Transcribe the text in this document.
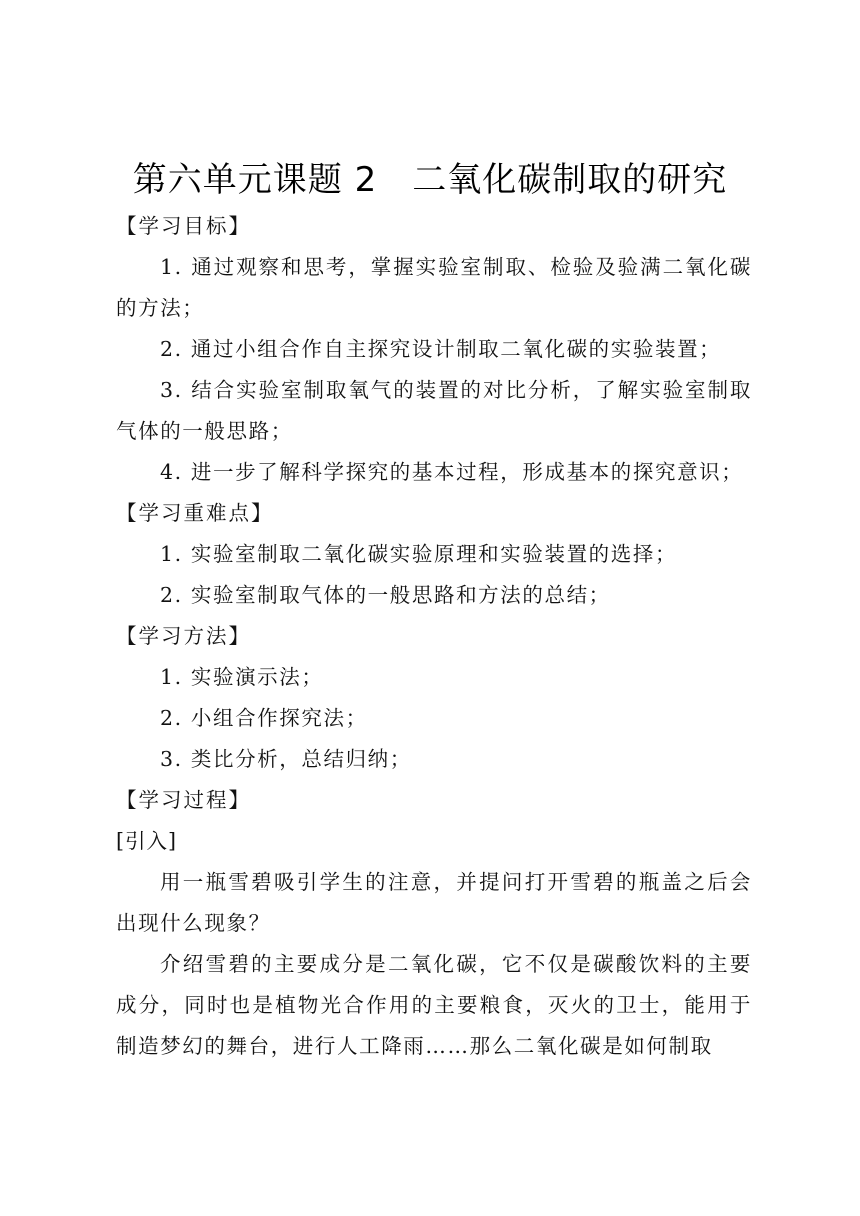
第六单元课题 2　二氧化碳制取的研究

【学习目标】

1. 通过观察和思考，掌握实验室制取、检验及验满二氧化碳的方法；

2. 通过小组合作自主探究设计制取二氧化碳的实验装置；

3. 结合实验室制取氧气的装置的对比分析，了解实验室制取气体的一般思路；

4. 进一步了解科学探究的基本过程，形成基本的探究意识；

【学习重难点】

1. 实验室制取二氧化碳实验原理和实验装置的选择；

2. 实验室制取气体的一般思路和方法的总结；

【学习方法】

1. 实验演示法；

2. 小组合作探究法；

3. 类比分析，总结归纳；

【学习过程】

[引入]

用一瓶雪碧吸引学生的注意，并提问打开雪碧的瓶盖之后会出现什么现象？

介绍雪碧的主要成分是二氧化碳，它不仅是碳酸饮料的主要成分，同时也是植物光合作用的主要粮食，灭火的卫士，能用于制造梦幻的舞台，进行人工降雨……那么二氧化碳是如何制取
